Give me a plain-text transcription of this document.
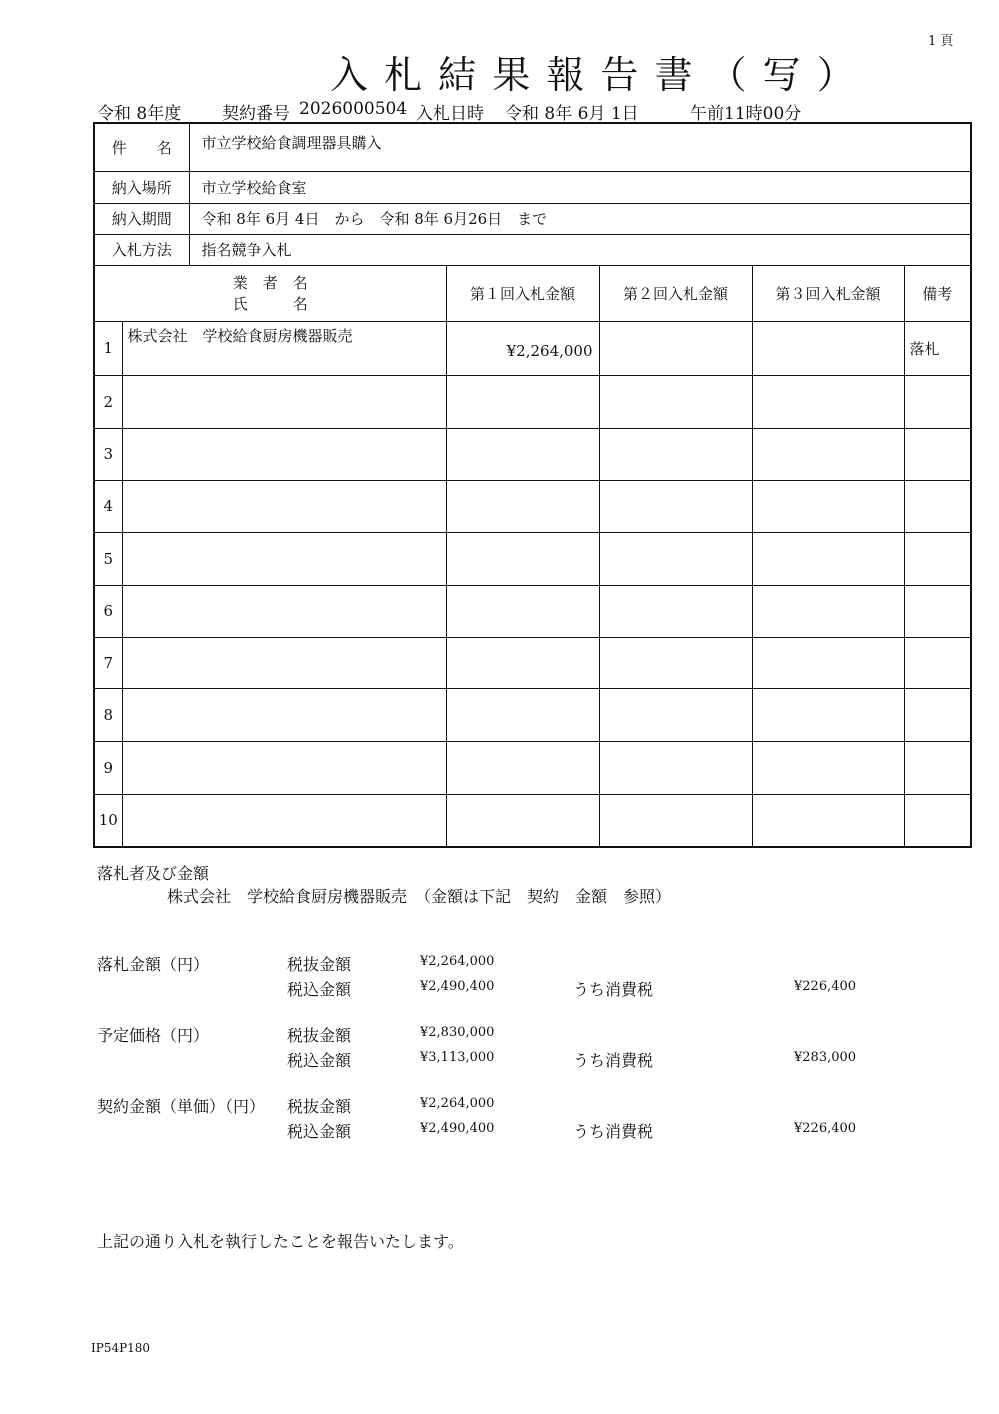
1 頁
入 札 結 果 報 告 書 （ 写 ）
令和 8年度 契約番号 2026000504 入札日時 令和 8年 6月 1日	午前11時00分
件　　名		市立学校給食調理器具購入				
納入場所		市立学校給食室				
納入期間		令和 8年 6月 4日　から　令和 8年 6月26日　まで				
入札方法		指名競争入札				

業　者　名
氏　　　名			第１回入札金額	第２回入札金額	第３回入札金額	備考
1	株式会社　学校給食厨房機器販売		¥2,264,000			落札
2						
3						
4						
5						
6						
7						
8						
9						
10						
落札者及び金額
株式会社　学校給食厨房機器販売　（金額は下記　契約　金額　参照）
落札金額（円）	税抜金額	¥2,264,000
税込金額	¥2,490,400	うち消費税	¥226,400
予定価格（円）	税抜金額	¥2,830,000
税込金額	¥3,113,000	うち消費税	¥283,000
契約金額（単価）（円） 税抜金額	¥2,264,000
税込金額	¥2,490,400	うち消費税	¥226,400
上記の通り入札を執行したことを報告いたします。
IP54P180
